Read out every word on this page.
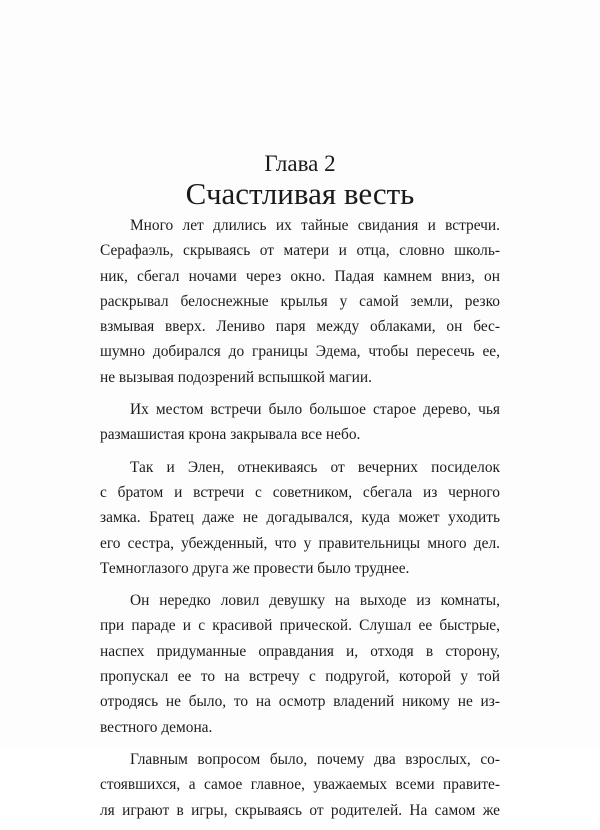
Глава 2
Счастливая весть

Много лет длились их тайные свидания и встречи.
Серафаэль, скрываясь от матери и отца, словно школь-
ник, сбегал ночами через окно. Падая камнем вниз, он
раскрывал белоснежные крылья у самой земли, резко
взмывая вверх. Лениво паря между облаками, он бес-
шумно добирался до границы Эдема, чтобы пересечь ее,
не вызывая подозрений вспышкой магии.

Их местом встречи было большое старое дерево, чья
размашистая крона закрывала все небо.

Так и Элен, отнекиваясь от вечерних посиделок
с братом и встречи с советником, сбегала из черного
замка. Братец даже не догадывался, куда может уходить
его сестра, убежденный, что у правительницы много дел.
Темноглазого друга же провести было труднее.

Он нередко ловил девушку на выходе из комнаты,
при параде и с красивой прической. Слушал ее быстрые,
наспех придуманные оправдания и, отходя в сторону,
пропускал ее то на встречу с подругой, которой у той
отродясь не было, то на осмотр владений никому не из-
вестного демона.

Главным вопросом было, почему два взрослых, со-
стоявшихся, а самое главное, уважаемых всеми правите-
ля играют в игры, скрываясь от родителей. На самом же
